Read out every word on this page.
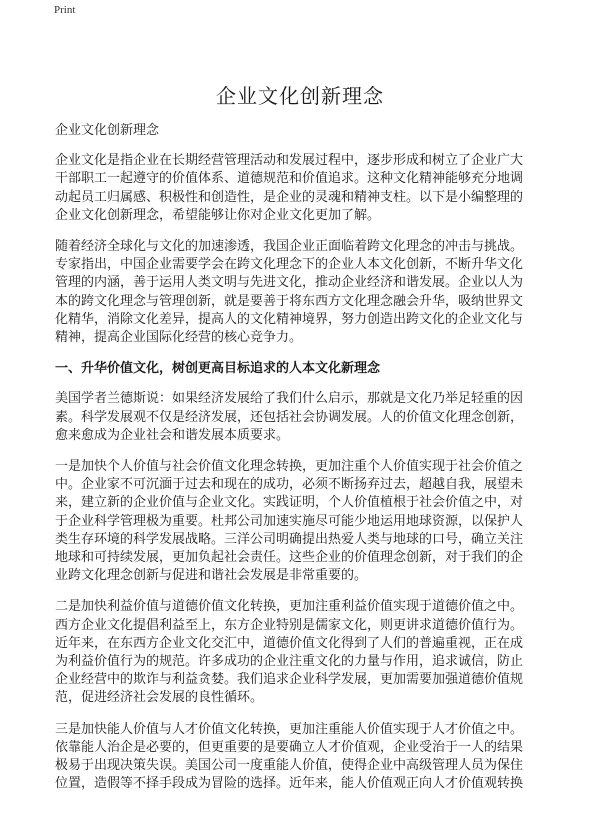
Print
企业文化创新理念
企业文化创新理念
企业文化是指企业在长期经营管理活动和发展过程中，逐步形成和树立了企业广大
干部职工一起遵守的价值体系、道德规范和价值追求。这种文化精神能够充分地调
动起员工归属感、积极性和创造性，是企业的灵魂和精神支柱。以下是小编整理的
企业文化创新理念，希望能够让你对企业文化更加了解。
随着经济全球化与文化的加速渗透，我国企业正面临着跨文化理念的冲击与挑战。
专家指出，中国企业需要学会在跨文化理念下的企业人本文化创新，不断升华文化
管理的内涵，善于运用人类文明与先进文化，推动企业经济和谐发展。企业以人为
本的跨文化理念与管理创新，就是要善于将东西方文化理念融会升华，吸纳世界文
化精华，消除文化差异，提高人的文化精神境界，努力创造出跨文化的企业文化与
精神，提高企业国际化经营的核心竞争力。
一、升华价值文化，树创更高目标追求的人本文化新理念
美国学者兰德斯说：如果经济发展给了我们什么启示，那就是文化乃举足轻重的因
素。科学发展观不仅是经济发展，还包括社会协调发展。人的价值文化理念创新，
愈来愈成为企业社会和谐发展本质要求。
一是加快个人价值与社会价值文化理念转换，更加注重个人价值实现于社会价值之
中。企业家不可沉湎于过去和现在的成功，必须不断扬弃过去，超越自我，展望未
来，建立新的企业价值与企业文化。实践证明，个人价值植根于社会价值之中，对
于企业科学管理极为重要。杜邦公司加速实施尽可能少地运用地球资源，以保护人
类生存环境的科学发展战略。三洋公司明确提出热爱人类与地球的口号，确立关注
地球和可持续发展，更加负起社会责任。这些企业的价值理念创新，对于我们的企
业跨文化理念创新与促进和谐社会发展是非常重要的。
二是加快利益价值与道德价值文化转换，更加注重利益价值实现于道德价值之中。
西方企业文化提倡利益至上，东方企业特别是儒家文化，则更讲求道德价值行为。
近年来，在东西方企业文化交汇中，道德价值文化得到了人们的普遍重视，正在成
为利益价值行为的规范。许多成功的企业注重文化的力量与作用，追求诚信，防止
企业经营中的欺诈与利益贪婪。我们追求企业科学发展，更加需要加强道德价值规
范，促进经济社会发展的良性循环。
三是加快能人价值与人才价值文化转换，更加注重能人价值实现于人才价值之中。
依靠能人治企是必要的，但更重要的是要确立人才价值观，企业受治于一人的结果
极易于出现决策失误。美国公司一度重能人价值，使得企业中高级管理人员为保住
位置，造假等不择手段成为冒险的选择。近年来，能人价值观正向人才价值观转换
